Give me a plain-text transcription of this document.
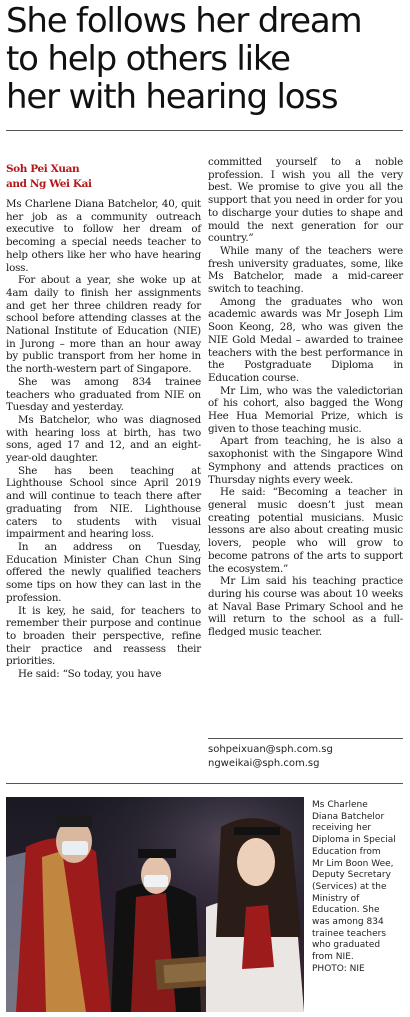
She follows her dream
to help others like
her with hearing loss
Soh Pei Xuan
and Ng Wei Kai

Ms Charlene Diana Batchelor, 40, quit her job as a community outreach executive to follow her dream of becoming a special needs teacher to help others like her who have hearing loss.

For about a year, she woke up at 4am daily to finish her assignments and get her three children ready for school before attending classes at the National Institute of Education (NIE) in Jurong – more than an hour away by public transport from her home in the north-western part of Singapore.

She was among 834 trainee teachers who graduated from NIE on Tuesday and yesterday.

Ms Batchelor, who was diagnosed with hearing loss at birth, has two sons, aged 17 and 12, and an eight-year-old daughter.

She has been teaching at Lighthouse School since April 2019 and will continue to teach there after graduating from NIE. Lighthouse caters to students with visual impairment and hearing loss.

In an address on Tuesday, Education Minister Chan Chun Sing offered the newly qualified teachers some tips on how they can last in the profession.

It is key, he said, for teachers to remember their purpose and continue to broaden their perspective, refine their practice and reassess their priorities.

He said: “So today, you have

committed yourself to a noble profession. I wish you all the very best. We promise to give you all the support that you need in order for you to discharge your duties to shape and mould the next generation for our country.”

While many of the teachers were fresh university graduates, some, like Ms Batchelor, made a mid-career switch to teaching.

Among the graduates who won academic awards was Mr Joseph Lim Soon Keong, 28, who was given the NIE Gold Medal – awarded to trainee teachers with the best performance in the Postgraduate Diploma in Education course.

Mr Lim, who was the valedictorian of his cohort, also bagged the Wong Hee Hua Memorial Prize, which is given to those teaching music.

Apart from teaching, he is also a saxophonist with the Singapore Wind Symphony and attends practices on Thursday nights every week.

He said: “Becoming a teacher in general music doesn’t just mean creating potential musicians. Music lessons are also about creating music lovers, people who will grow to become patrons of the arts to support the ecosystem.”

Mr Lim said his teaching practice during his course was about 10 weeks at Naval Base Primary School and he will return to the school as a full-fledged music teacher.

sohpeixuan@sph.com.sg
ngweikai@sph.com.sg
Ms Charlene
Diana Batchelor
receiving her
Diploma in Special
Education from
Mr Lim Boon Wee,
Deputy Secretary
(Services) at the
Ministry of
Education. She
was among 834
trainee teachers
who graduated
from NIE.
PHOTO: NIE
